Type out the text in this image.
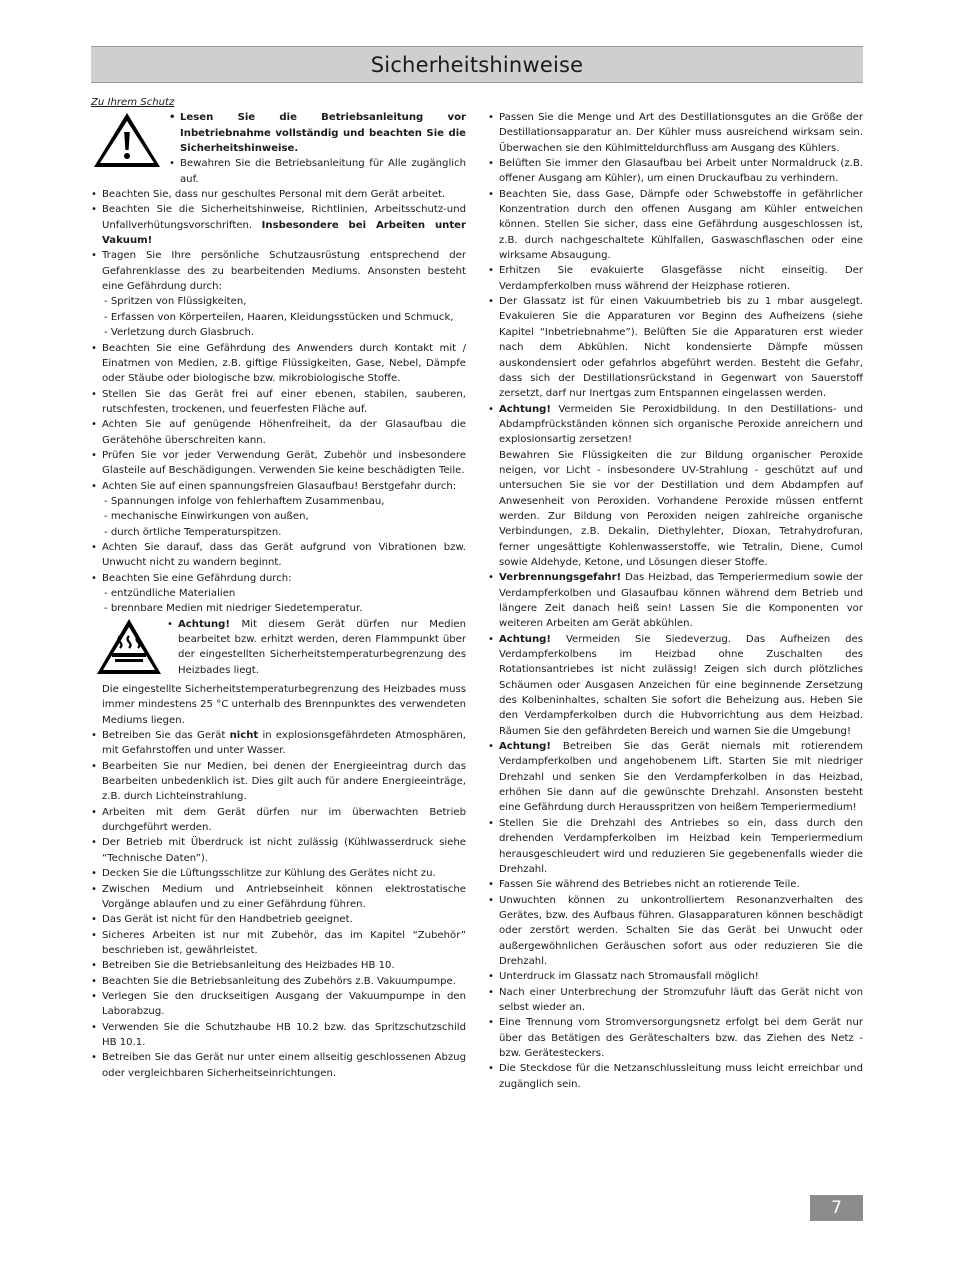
Sicherheitshinweise

Zu Ihrem Schutz

• Lesen Sie die Betriebsanleitung vor Inbetriebnahme vollständig und beachten Sie die Sicherheitshinweise.

• Bewahren Sie die Betriebsanleitung für Alle zugänglich auf.

• Beachten Sie, dass nur geschultes Personal mit dem Gerät arbeitet.

• Beachten Sie die Sicherheitshinweise, Richtlinien, Arbeitsschutz-und Unfallverhütungsvorschriften. Insbesondere bei Arbeiten unter Vakuum!

• Tragen Sie Ihre persönliche Schutzausrüstung entsprechend der Gefahrenklasse des zu bearbeitenden Mediums. Ansonsten besteht eine Gefährdung durch:

- Spritzen von Flüssigkeiten,

- Erfassen von Körperteilen, Haaren, Kleidungsstücken und Schmuck,

- Verletzung durch Glasbruch.

• Beachten Sie eine Gefährdung des Anwenders durch Kontakt mit / Einatmen von Medien, z.B. giftige Flüssigkeiten, Gase, Nebel, Dämpfe oder Stäube oder biologische bzw. mikrobiologische Stoffe.

• Stellen Sie das Gerät frei auf einer ebenen, stabilen, sauberen, rutschfesten, trockenen, und feuerfesten Fläche auf.

• Achten Sie auf genügende Höhenfreiheit, da der Glasaufbau die Gerätehöhe überschreiten kann.

• Prüfen Sie vor jeder Verwendung Gerät, Zubehör und insbesondere Glasteile auf Beschädigungen. Verwenden Sie keine beschädigten Teile.

• Achten Sie auf einen spannungsfreien Glasaufbau! Berstgefahr durch:

- Spannungen infolge von fehlerhaftem Zusammenbau,

- mechanische Einwirkungen von außen,

- durch örtliche Temperaturspitzen.

• Achten Sie darauf, dass das Gerät aufgrund von Vibrationen bzw. Unwucht nicht zu wandern beginnt.

• Beachten Sie eine Gefährdung durch:

- entzündliche Materialien

- brennbare Medien mit niedriger Siedetemperatur.

• Achtung! Mit diesem Gerät dürfen nur Medien bearbeitet bzw. erhitzt werden, deren Flammpunkt über der eingestellten Sicherheitstemperaturbegrenzung des Heizbades liegt.

Die eingestellte Sicherheitstemperaturbegrenzung des Heizbades muss immer mindestens 25 °C unterhalb des Brennpunktes des verwendeten Mediums liegen.

• Betreiben Sie das Gerät nicht in explosionsgefährdeten Atmosphären, mit Gefahrstoffen und unter Wasser.

• Bearbeiten Sie nur Medien, bei denen der Energieeintrag durch das Bearbeiten unbedenklich ist. Dies gilt auch für andere Energieeinträge, z.B. durch Lichteinstrahlung.

• Arbeiten mit dem Gerät dürfen nur im überwachten Betrieb durchgeführt werden.

• Der Betrieb mit Überdruck ist nicht zulässig (Kühlwasserdruck siehe “Technische Daten”).

• Decken Sie die Lüftungsschlitze zur Kühlung des Gerätes nicht zu.

• Zwischen Medium und Antriebseinheit können elektrostatische Vorgänge ablaufen und zu einer Gefährdung führen.

• Das Gerät ist nicht für den Handbetrieb geeignet.

• Sicheres Arbeiten ist nur mit Zubehör, das im Kapitel “Zubehör” beschrieben ist, gewährleistet.

• Betreiben Sie die Betriebsanleitung des Heizbades HB 10.

• Beachten Sie die Betriebsanleitung des Zubehörs z.B. Vakuumpumpe.

• Verlegen Sie den druckseitigen Ausgang der Vakuumpumpe in den Laborabzug.

• Verwenden Sie die Schutzhaube HB 10.2 bzw. das Spritzschutzschild HB 10.1.

• Betreiben Sie das Gerät nur unter einem allseitig geschlossenen Abzug oder vergleichbaren Sicherheitseinrichtungen.

• Passen Sie die Menge und Art des Destillationsgutes an die Größe der Destillationsapparatur an. Der Kühler muss ausreichend wirksam sein. Überwachen sie den Kühlmitteldurchfluss am Ausgang des Kühlers.

• Belüften Sie immer den Glasaufbau bei Arbeit unter Normaldruck (z.B. offener Ausgang am Kühler), um einen Druckaufbau zu verhindern.

• Beachten Sie, dass Gase, Dämpfe oder Schwebstoffe in gefährlicher Konzentration durch den offenen Ausgang am Kühler entweichen können. Stellen Sie sicher, dass eine Gefährdung ausgeschlossen ist, z.B. durch nachgeschaltete Kühlfallen, Gaswaschflaschen oder eine wirksame Absaugung.

• Erhitzen Sie evakuierte Glasgefässe nicht einseitig. Der Verdampferkolben muss während der Heizphase rotieren.

• Der Glassatz ist für einen Vakuumbetrieb bis zu 1 mbar ausgelegt. Evakuieren Sie die Apparaturen vor Beginn des Aufheizens (siehe Kapitel “Inbetriebnahme”). Belüften Sie die Apparaturen erst wieder nach dem Abkühlen. Nicht kondensierte Dämpfe müssen auskondensiert oder gefahrlos abgeführt werden. Besteht die Gefahr, dass sich der Destillationsrückstand in Gegenwart von Sauerstoff zersetzt, darf nur Inertgas zum Entspannen eingelassen werden.

• Achtung! Vermeiden Sie Peroxidbildung. In den Destillations- und Abdampfrückständen können sich organische Peroxide anreichern und explosionsartig zersetzen!

Bewahren Sie Flüssigkeiten die zur Bildung organischer Peroxide neigen, vor Licht - insbesondere UV-Strahlung - geschützt auf und untersuchen Sie sie vor der Destillation und dem Abdampfen auf Anwesenheit von Peroxiden. Vorhandene Peroxide müssen entfernt werden. Zur Bildung von Peroxiden neigen zahlreiche organische Verbindungen, z.B. Dekalin, Diethylehter, Dioxan, Tetrahydrofuran, ferner ungesättigte Kohlenwasserstoffe, wie Tetralin, Diene, Cumol sowie Aldehyde, Ketone, und Lösungen dieser Stoffe.

• Verbrennungsgefahr! Das Heizbad, das Temperiermedium sowie der Verdampferkolben und Glasaufbau können während dem Betrieb und längere Zeit danach heiß sein! Lassen Sie die Komponenten vor weiteren Arbeiten am Gerät abkühlen.

• Achtung! Vermeiden Sie Siedeverzug. Das Aufheizen des Verdampferkolbens im Heizbad ohne Zuschalten des Rotationsantriebes ist nicht zulässig! Zeigen sich durch plötzliches Schäumen oder Ausgasen Anzeichen für eine beginnende Zersetzung des Kolbeninhaltes, schalten Sie sofort die Beheizung aus. Heben Sie den Verdampferkolben durch die Hubvorrichtung aus dem Heizbad. Räumen Sie den gefährdeten Bereich und warnen Sie die Umgebung!

• Achtung! Betreiben Sie das Gerät niemals mit rotierendem Verdampferkolben und angehobenem Lift. Starten Sie mit niedriger Drehzahl und senken Sie den Verdampferkolben in das Heizbad, erhöhen Sie dann auf die gewünschte Drehzahl. Ansonsten besteht eine Gefährdung durch Herausspritzen von heißem Temperiermedium!

• Stellen Sie die Drehzahl des Antriebes so ein, dass durch den drehenden Verdampferkolben im Heizbad kein Temperiermedium herausgeschleudert wird und reduzieren Sie gegebenenfalls wieder die Drehzahl.

• Fassen Sie während des Betriebes nicht an rotierende Teile.

• Unwuchten können zu unkontrolliertem Resonanzverhalten des Gerätes, bzw. des Aufbaus führen. Glasapparaturen können beschädigt oder zerstört werden. Schalten Sie das Gerät bei Unwucht oder außergewöhnlichen Geräuschen sofort aus oder reduzieren Sie die Drehzahl.

• Unterdruck im Glassatz nach Stromausfall möglich!

• Nach einer Unterbrechung der Stromzufuhr läuft das Gerät nicht von selbst wieder an.

• Eine Trennung vom Stromversorgungsnetz erfolgt bei dem Gerät nur über das Betätigen des Geräteschalters bzw. das Ziehen des Netz - bzw. Gerätesteckers.

• Die Steckdose für die Netzanschlussleitung muss leicht erreichbar und zugänglich sein.

7
